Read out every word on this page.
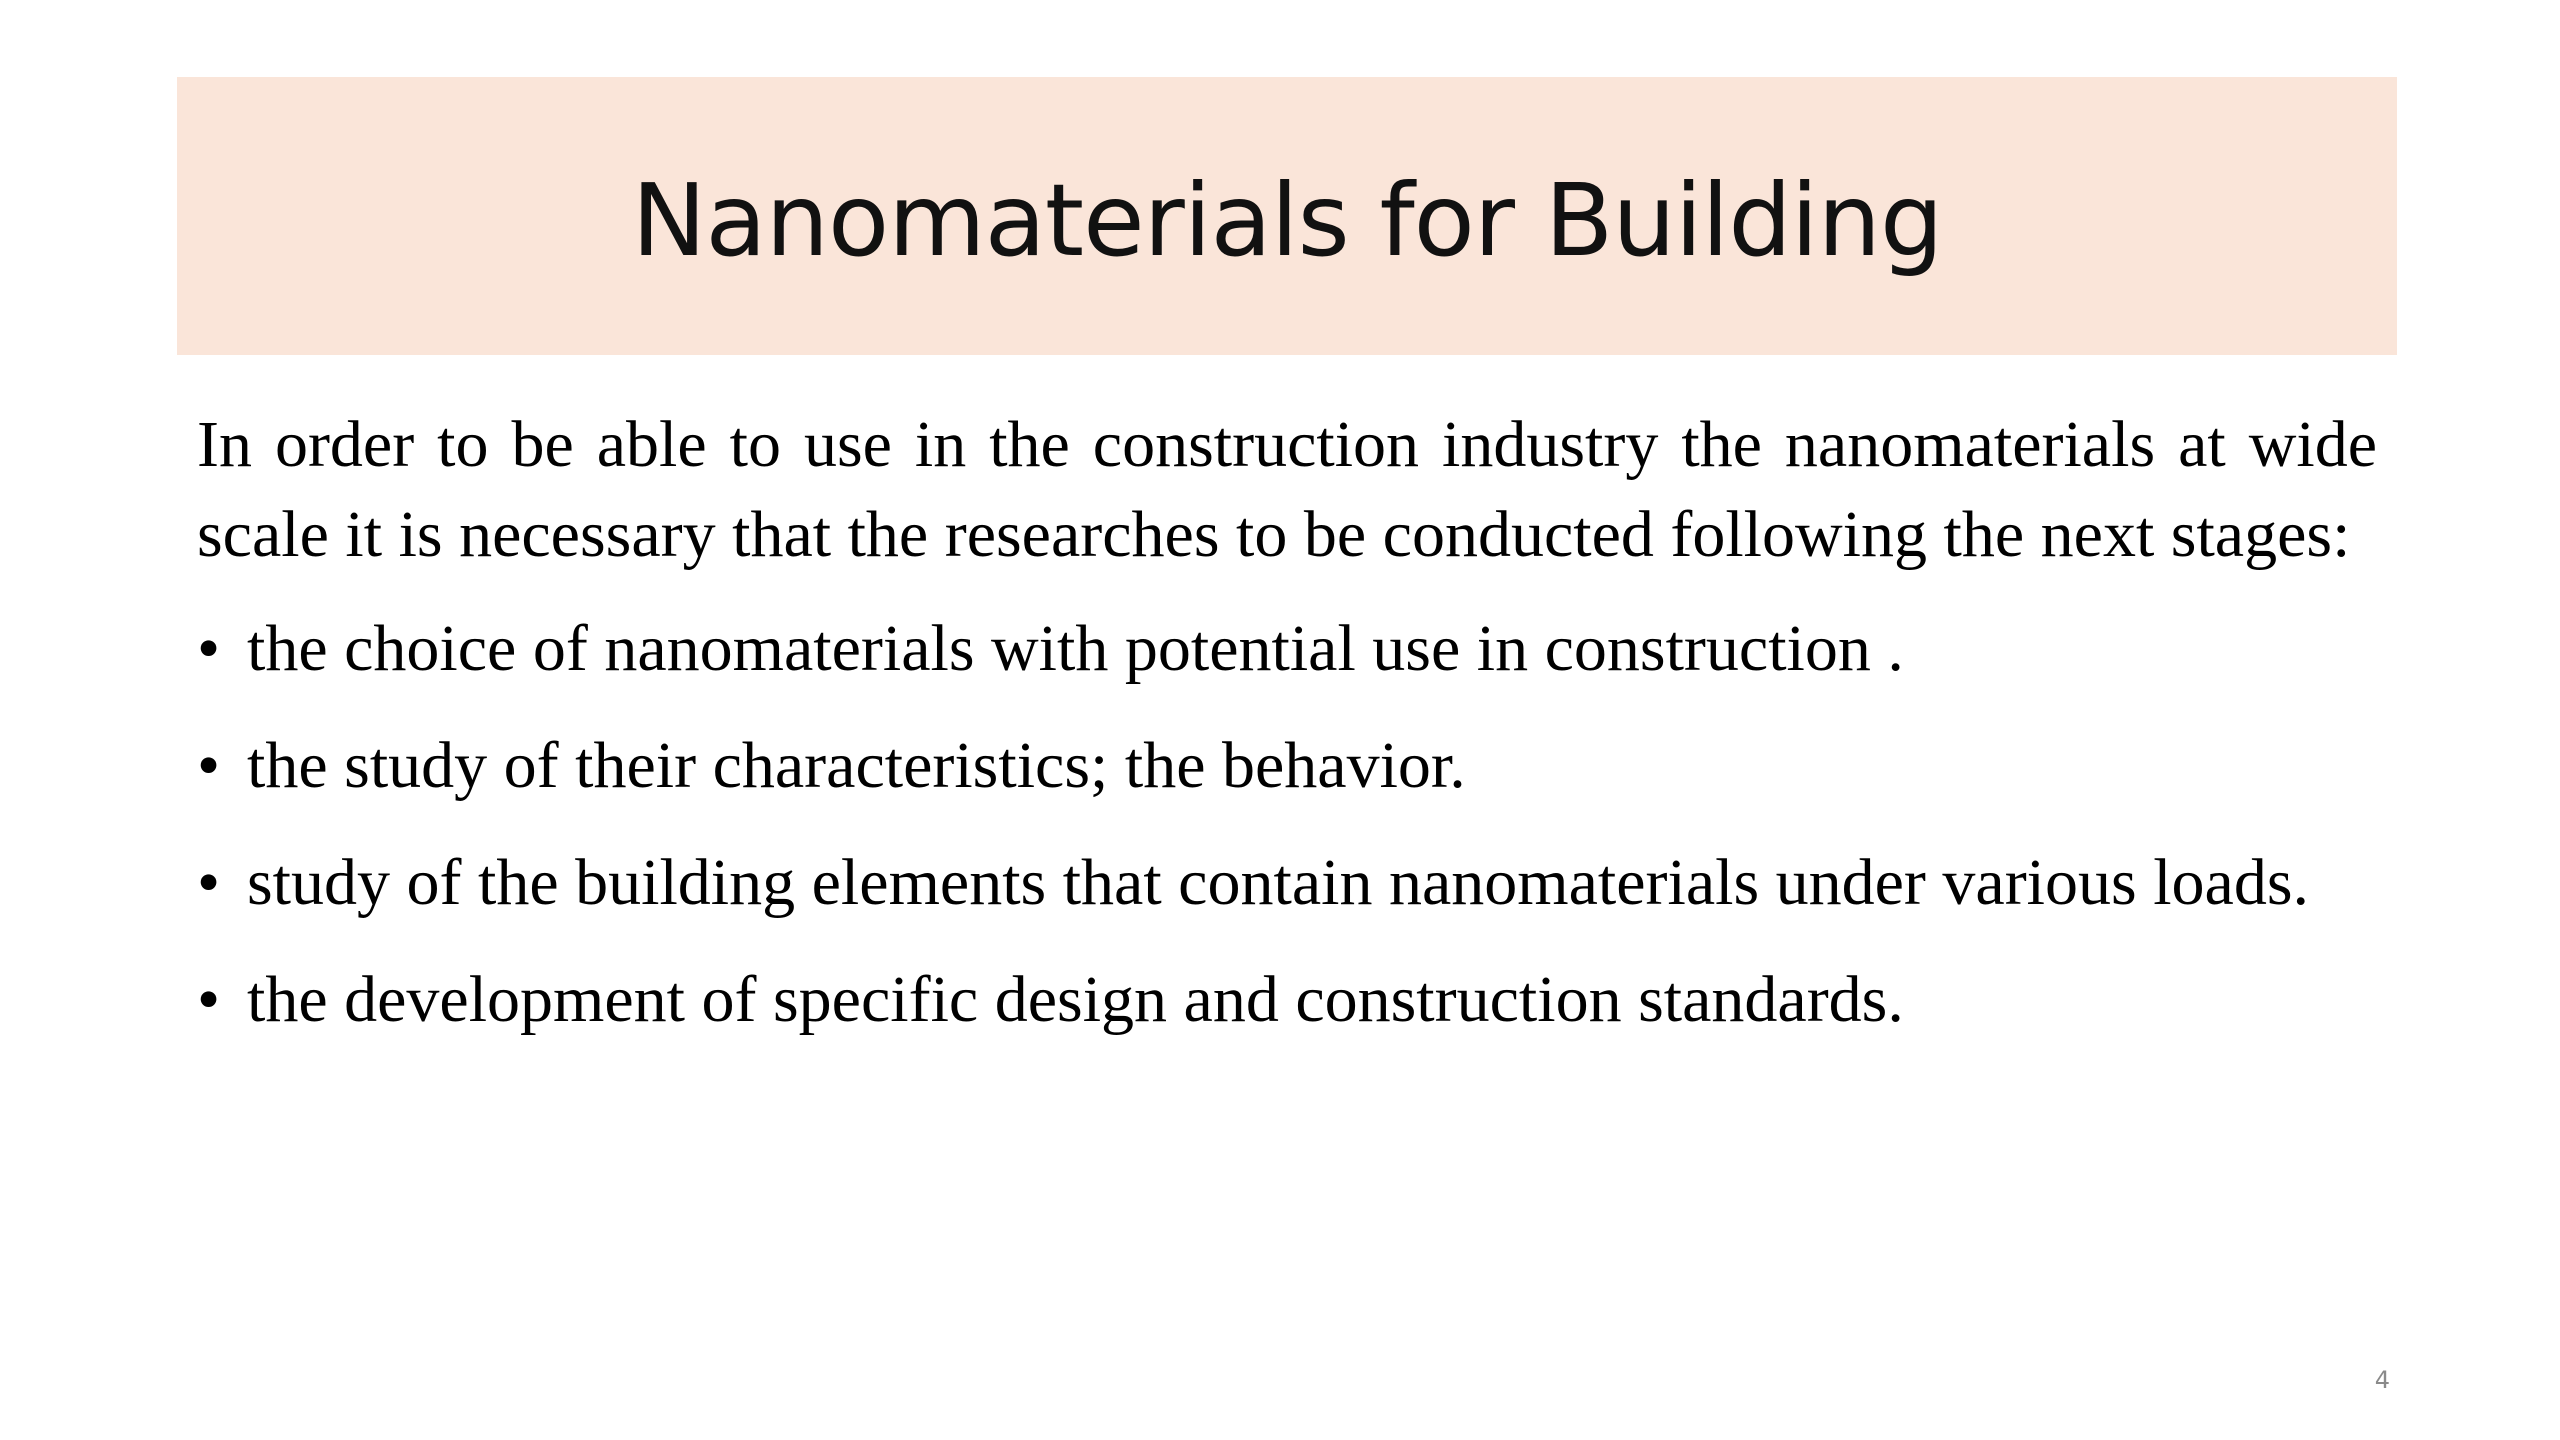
Nanomaterials for Building

In order to be able to use in the construction industry the nanomaterials at wide scale it is necessary that the researches to be conducted following the next stages:

• the choice of nanomaterials with potential use in construction .
• the study of their characteristics; the behavior.
• study of the building elements that contain nanomaterials under various loads.
• the development of specific design and construction standards.
4
